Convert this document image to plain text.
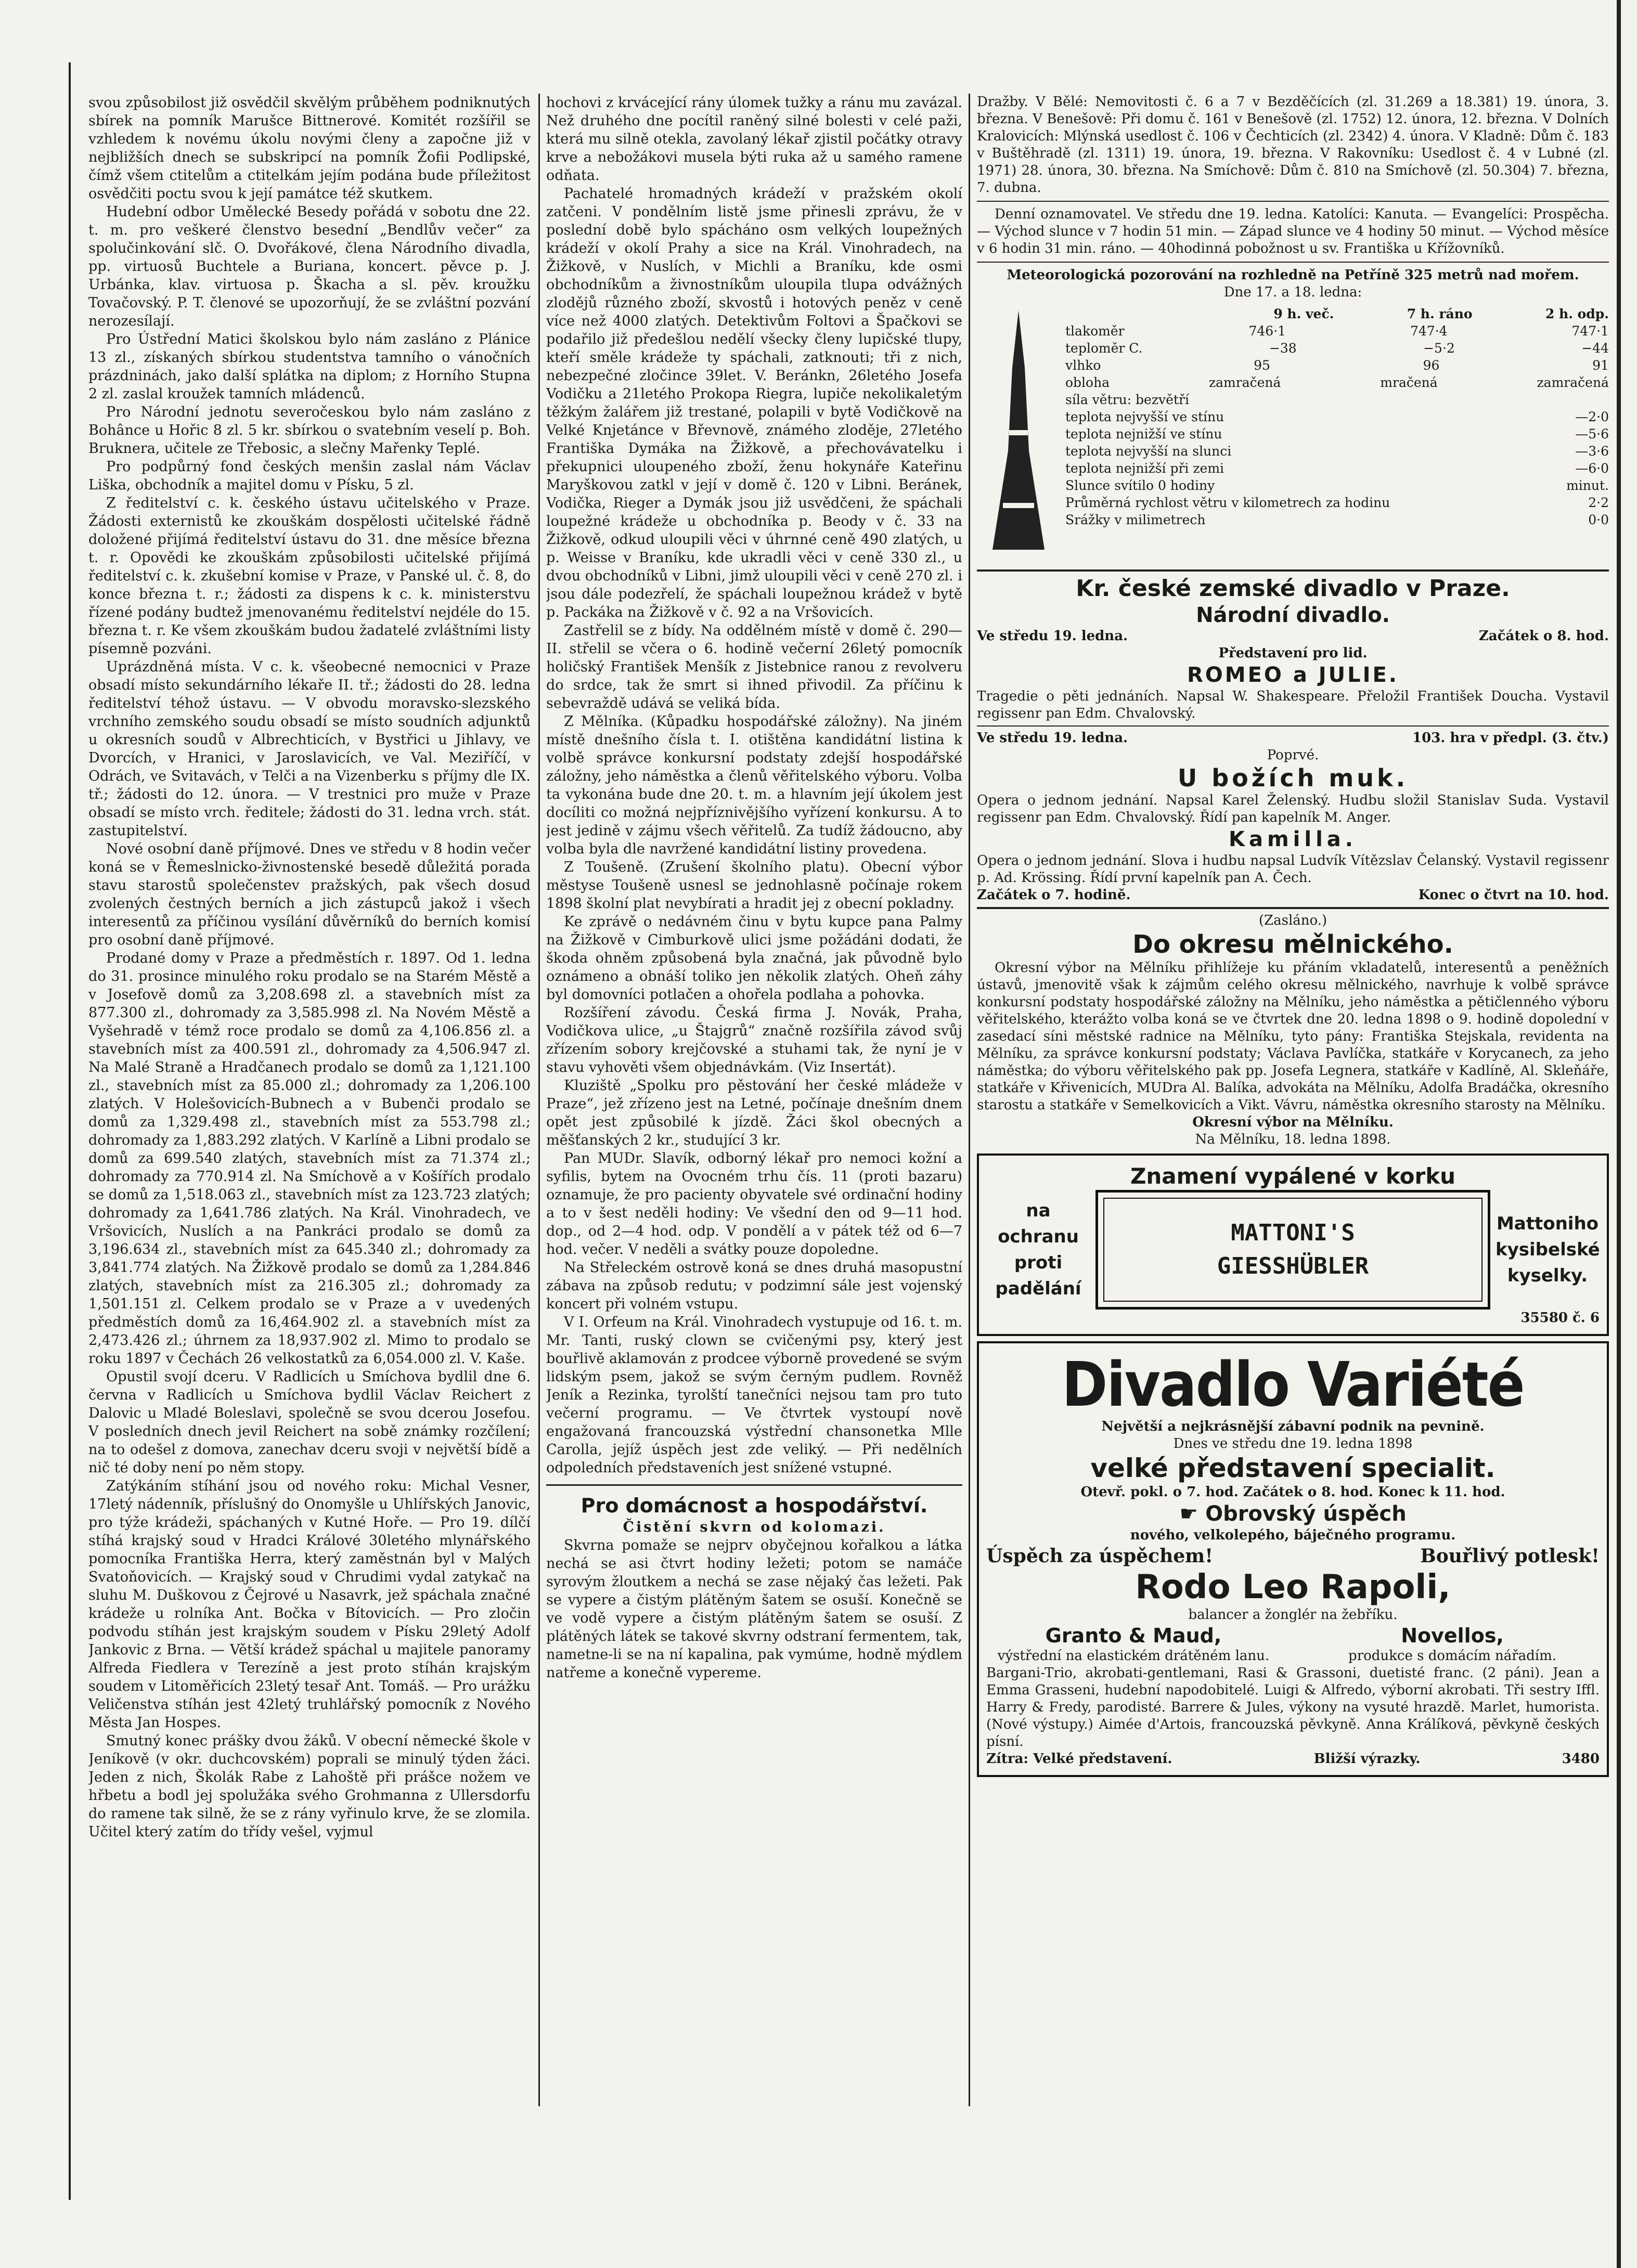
svou způsobilost již osvědčil skvělým průběhem podniknutých sbírek na pomník Marušce Bittnerové. Komitét rozšířil se vzhledem k novému úkolu novými členy a započne již v nejbližších dnech se subskripcí na pomník Žofii Podlipské, čímž všem ctitelům a ctitelkám jejím podána bude příležitost osvědčiti poctu svou k její památce též skutkem.

Hudební odbor Umělecké Besedy pořádá v sobotu dne 22. t. m. pro veškeré členstvo besední „Bendlův večer“ za spolučinkování slč. O. Dvořákové, člena Národního divadla, pp. virtuosů Buchtele a Buriana, koncert. pěvce p. J. Urbánka, klav. virtuosa p. Škacha a sl. pěv. kroužku Tovačovský. P. T. členové se upozorňují, že se zvláštní pozvání nerozesílají.

Pro Ústřední Matici školskou bylo nám zasláno z Plánice 13 zl., získaných sbírkou studentstva tamního o vánočních prázdninách, jako další splátka na diplom; z Horního Stupna 2 zl. zaslal kroužek tamních mládenců.

Pro Národní jednotu severočeskou bylo nám zasláno z Bohânce u Hořic 8 zl. 5 kr. sbírkou o svatebním veselí p. Boh. Bruknera, učitele ze Třebosic, a slečny Mařenky Teplé.

Pro podpůrný fond českých menšin zaslal nám Václav Liška, obchodník a majitel domu v Písku, 5 zl.

Z ředitelství c. k. českého ústavu učitelského v Praze. Žádosti externistů ke zkouškám dospělosti učitelské řádně doložené přijímá ředitelství ústavu do 31. dne měsíce března t. r. Opovědi ke zkouškám způsobilosti učitelské přijímá ředitelství c. k. zkušební komise v Praze, v Panské ul. č. 8, do konce března t. r.; žádosti za dispens k c. k. ministerstvu řízené podány budtež jmenovanému ředitelství nejdéle do 15. března t. r. Ke všem zkouškám budou žadatelé zvláštními listy písemně pozváni.

Uprázdněná místa. V c. k. všeobecné nemocnici v Praze obsadí místo sekundárního lékaře II. tř.; žádosti do 28. ledna ředitelství téhož ústavu. — V obvodu moravsko-slezského vrchního zemského soudu obsadí se místo soudních adjunktů u okresních soudů v Albrechticích, v Bystřici u Jihlavy, ve Dvorcích, v Hranici, v Jaroslavicích, ve Val. Meziříčí, v Odrách, ve Svitavách, v Telči a na Vizenberku s příjmy dle IX. tř.; žádosti do 12. února. — V trestnici pro muže v Praze obsadí se místo vrch. ředitele; žádosti do 31. ledna vrch. stát. zastupitelství.

Nové osobní daně příjmové. Dnes ve středu v 8 hodin večer koná se v Řemeslnicko-živnostenské besedě důležitá porada stavu starostů společenstev pražských, pak všech dosud zvolených čestných berních a jich zástupců jakož i všech interesentů za příčinou vysílání důvěrníků do berních komisí pro osobní daně příjmové.

Prodané domy v Praze a předměstích r. 1897. Od 1. ledna do 31. prosince minulého roku prodalo se na Starém Městě a v Josefově domů za 3,208.698 zl. a stavebních míst za 877.300 zl., dohromady za 3,585.998 zl. Na Novém Městě a Vyšehradě v témž roce prodalo se domů za 4,106.856 zl. a stavebních míst za 400.591 zl., dohromady za 4,506.947 zl. Na Malé Straně a Hradčanech prodalo se domů za 1,121.100 zl., stavebních míst za 85.000 zl.; dohromady za 1,206.100 zlatých. V Holešovicích-Bubnech a v Bubenči prodalo se domů za 1,329.498 zl., stavebních míst za 553.798 zl.; dohromady za 1,883.292 zlatých. V Karlíně a Libni prodalo se domů za 699.540 zlatých, stavebních míst za 71.374 zl.; dohromady za 770.914 zl. Na Smíchově a v Košířích prodalo se domů za 1,518.063 zl., stavebních míst za 123.723 zlatých; dohromady za 1,641.786 zlatých. Na Král. Vinohradech, ve Vršovicích, Nuslích a na Pankráci prodalo se domů za 3,196.634 zl., stavebních míst za 645.340 zl.; dohromady za 3,841.774 zlatých. Na Žižkově prodalo se domů za 1,284.846 zlatých, stavebních míst za 216.305 zl.; dohromady za 1,501.151 zl. Celkem prodalo se v Praze a v uvedených předměstích domů za 16,464.902 zl. a stavebních míst za 2,473.426 zl.; úhrnem za 18,937.902 zl. Mimo to prodalo se roku 1897 v Čechách 26 velkostatků za 6,054.000 zl. V. Kaše.

Opustil svojí dceru. V Radlicích u Smíchova bydlil dne 6. června v Radlicích u Smíchova bydlil Václav Reichert z Dalovic u Mladé Boleslavi, společně se svou dcerou Josefou. V posledních dnech jevil Reichert na sobě známky rozčílení; na to odešel z domova, zanechav dceru svoji v největší bídě a nič té doby není po něm stopy.

Zatýkáním stíhání jsou od nového roku: Michal Vesner, 17letý nádenník, příslušný do Onomyšle u Uhlířských Janovic, pro týže krádeži, spáchaných v Kutné Hoře. — Pro 19. dílčí stíhá krajský soud v Hradci Králové 30letého mlynářského pomocníka Františka Herra, který zaměstnán byl v Malých Svatoňovicích. — Krajský soud v Chrudimi vydal zatykač na sluhu M. Duškovou z Čejrové u Nasavrk, jež spáchala značné krádeže u rolníka Ant. Bočka v Bítovicích. — Pro zločin podvodu stíhán jest krajským soudem v Písku 29letý Adolf Jankovic z Brna. — Větší krádež spáchal u majitele panoramy Alfreda Fiedlera v Terezíně a jest proto stíhán krajským soudem v Litoměřicích 23letý tesař Ant. Tomáš. — Pro urážku Veličenstva stíhán jest 42letý truhlářský pomocník z Nového Města Jan Hospes.

Smutný konec prášky dvou žáků. V obecní německé škole v Jeníkově (v okr. duchcovském) poprali se minulý týden žáci. Jeden z nich, Školák Rabe z Lahoště při prášce nožem ve hřbetu a bodl jej spolužáka svého Grohmanna z Ullersdorfu do ramene tak silně, že se z rány vyřinulo krve, že se zlomila. Učitel který zatím do třídy vešel, vyjmul

hochovi z krvácející rány úlomek tužky a ránu mu zavázal. Než druhého dne pocítil raněný silné bolesti v celé paži, která mu silně otekla, zavolaný lékař zjistil počátky otravy krve a nebožákovi musela býti ruka až u samého ramene odňata.

Pachatelé hromadných krádeží v pražském okolí zatčeni. V pondělním listě jsme přinesli zprávu, že v poslední době bylo spácháno osm velkých loupežných krádeží v okolí Prahy a sice na Král. Vinohradech, na Žižkově, v Nuslích, v Michli a Braníku, kde osmi obchodníkům a živnostníkům uloupila tlupa odvážných zlodějů různého zboží, skvostů i hotových peněz v ceně více než 4000 zlatých. Detektivům Foltovi a Špačkovi se podařilo již předešlou nedělí všecky členy lupičské tlupy, kteří směle krádeže ty spáchali, zatknouti; tři z nich, nebezpečné zločince 39let. V. Beránkn, 26letého Josefa Vodičku a 21letého Prokopa Riegra, lupiče nekolikaletým těžkým žalářem již trestané, polapili v bytě Vodičkově na Velké Knjetánce v Břevnově, známého zloděje, 27letého Františka Dymáka na Žižkově, a přechovávatelku i překupnici uloupeného zboží, ženu hokynáře Kateřinu Maryškovou zatkl v její v domě č. 120 v Libni. Beránek, Vodička, Rieger a Dymák jsou již usvědčeni, že spáchali loupežné krádeže u obchodníka p. Beody v č. 33 na Žižkově, odkud uloupili věci v úhrnné ceně 490 zlatých, u p. Weisse v Braníku, kde ukradli věci v ceně 330 zl., u dvou obchodníků v Libni, jimž uloupili věci v ceně 270 zl. i jsou dále podezřelí, že spáchali loupežnou krádež v bytě p. Packáka na Žižkově v č. 92 a na Vršovicích.

Zastřelil se z bídy. Na oddělném místě v domě č. 290—II. střelil se včera o 6. hodině večerní 26letý pomocník holičský František Menšík z Jistebnice ranou z revolveru do srdce, tak že smrt si ihned přivodil. Za příčinu k sebevraždě udává se veliká bída.

Z Mělníka. (Kůpadku hospodářské záložny). Na jiném místě dnešního čísla t. I. otištěna kandidátní listina k volbě správce konkursní podstaty zdejší hospodářské záložny, jeho náměstka a členů věřitelského výboru. Volba ta vykonána bude dne 20. t. m. a hlavním její úkolem jest docíliti co možná nejpříznivějšího vyřízení konkursu. A to jest jedině v zájmu všech věřitelů. Za tudíž žádoucno, aby volba byla dle navržené kandidátní listiny provedena.

Z Toušeně. (Zrušení školního platu). Obecní výbor městyse Toušeně usnesl se jednohlasně počínaje rokem 1898 školní plat nevybírati a hradit jej z obecní pokladny.

Ke zprávě o nedávném činu v bytu kupce pana Palmy na Žižkově v Cimburkově ulici jsme požádáni dodati, že škoda ohněm způsobená byla značná, jak původně bylo oznámeno a obnáší toliko jen několik zlatých. Oheň záhy byl domovníci potlačen a ohořela podlaha a pohovka.

Rozšíření závodu. Česká firma J. Novák, Praha, Vodičkova ulice, „u Štajgrů“ značně rozšířila závod svůj zřízením sobory krejčovské a stuhami tak, že nyní je v stavu vyhověti všem objednávkám. (Viz Insertát).

Kluziště „Spolku pro pěstování her české mládeže v Praze“, jež zřízeno jest na Letné, počínaje dnešním dnem opět jest způsobilé k jízdě. Žáci škol obecných a měšťanských 2 kr., studující 3 kr.

Pan MUDr. Slavík, odborný lékař pro nemoci kožní a syfilis, bytem na Ovocném trhu čís. 11 (proti bazaru) oznamuje, že pro pacienty obyvatele své ordinační hodiny a to v šest neděli hodiny: Ve všední den od 9—11 hod. dop., od 2—4 hod. odp. V pondělí a v pátek též od 6—7 hod. večer. V neděli a svátky pouze dopoledne.

Na Střeleckém ostrově koná se dnes druhá masopustní zábava na způsob redutu; v podzimní sále jest vojenský koncert při volném vstupu.

V I. Orfeum na Král. Vinohradech vystupuje od 16. t. m. Mr. Tanti, ruský clown se cvičenými psy, který jest bouřlivě aklamován z prodcee výborně provedené se svým lidským psem, jakož se svým černým pudlem. Rovněž Jeník a Rezinka, tyrolští tanečníci nejsou tam pro tuto večerní programu. — Ve čtvrtek vystoupí nově engažovaná francouzská výstřední chansonetka Mlle Carolla, jejíž úspěch jest zde veliký. — Při nedělních odpoledních představeních jest snížené vstupné.

Pro domácnost a hospodářství.
Čistění skvrn od kolomazi.

Skvrna pomaže se nejprv obyčejnou kořalkou a látka nechá se asi čtvrt hodiny ležeti; potom se namáče syrovým žloutkem a nechá se zase nějaký čas ležeti. Pak se vypere a čistým plátěným šatem se osuší. Konečně se ve vodě vypere a čistým plátěným šatem se osuší. Z plátěných látek se takové skvrny odstraní fermentem, tak, nametne-li se na ní kapalina, pak vymúme, hodně mýdlem natřeme a konečně vypereme.

Dražby. V Bělé: Nemovitosti č. 6 a 7 v Bezděčících (zl. 31.269 a 18.381) 19. února, 3. března. V Benešově: Při domu č. 161 v Benešově (zl. 1752) 12. února, 12. března. V Dolních Kralovicích: Mlýnská usedlost č. 106 v Čechticích (zl. 2342) 4. února. V Kladně: Dům č. 183 v Buštěhradě (zl. 1311) 19. února, 19. března. V Rakovníku: Usedlost č. 4 v Lubné (zl. 1971) 28. února, 30. března. Na Smíchově: Dům č. 810 na Smíchově (zl. 50.304) 7. března, 7. dubna.

Denní oznamovatel. Ve středu dne 19. ledna. Katolíci: Kanuta. — Evangelíci: Prospěcha. — Východ slunce v 7 hodin 51 min. — Západ slunce ve 4 hodiny 50 minut. — Východ měsíce v 6 hodin 31 min. ráno. — 40hodinná pobožnost u sv. Františka u Křížovníků.

Meteorologická pozorování na rozhledně na Petříně 325 metrů nad mořem.
Dne 17. a 18. ledna:
9 h. več.	7 h. ráno	2 h. odp.
tlakoměr	746·1	747·4	747·1
teploměr C.	−38	−5·2	−44
vlhko	95	96	91
obloha	zamračená	mračená	zamračená
síla větru: bezvětří
teplota nejvyšší ve stínu	—2·0
teplota nejnižší ve stínu	—5·6
teplota nejvyšší na slunci	—3·6
teplota nejnižší při zemi	—6·0
Slunce svítilo 0 hodiny	minut.
Průměrná rychlost větru v kilometrech za hodinu	2·2
Srážky v milimetrech	0·0
Kr. české zemské divadlo v Praze.
Národní divadlo.
Ve středu 19. ledna.	Začátek o 8. hod.
Představení pro lid.
ROMEO a JULIE.

Tragedie o pěti jednáních. Napsal W. Shakespeare. Přeložil František Doucha. Vystavil regissenr pan Edm. Chvalovský.

Ve středu 19. ledna.	103. hra v předpl. (3. čtv.)
Poprvé.
U božích muk.

Opera o jednom jednání. Napsal Karel Želenský. Hudbu složil Stanislav Suda. Vystavil regissenr pan Edm. Chvalovský. Řídí pan kapelník M. Anger.

Kamilla.

Opera o jednom jednání. Slova i hudbu napsal Ludvík Vítězslav Čelanský. Vystavil regissenr p. Ad. Krössing. Řídí první kapelník pan A. Čech.

Začátek o 7. hodině.	Konec o čtvrt na 10. hod.
(Zasláno.)
Do okresu mělnického.

Okresní výbor na Mělníku přihlížeje ku přáním vkladatelů, interesentů a peněžních ústavů, jmenovitě však k zájmům celého okresu mělnického, navrhuje k volbě správce konkursní podstaty hospodářské záložny na Mělníku, jeho náměstka a pětičlenného výboru věřitelského, kterážto volba koná se ve čtvrtek dne 20. ledna 1898 o 9. hodině dopolední v zasedací síni městské radnice na Mělníku, tyto pány: Františka Stejskala, revidenta na Mělníku, za správce konkursní podstaty; Václava Pavlíčka, statkáře v Korycanech, za jeho náměstka; do výboru věřitelského pak pp. Josefa Legnera, statkáře v Kadlíně, Al. Skleňáře, statkáře v Křivenicích, MUDra Al. Balíka, advokáta na Mělníku, Adolfa Bradáčka, okresního starostu a statkáře v Semelkovicích a Vikt. Vávru, náměstka okresního starosty na Mělníku.

Okresní výbor na Mělníku.
Na Mělníku, 18. ledna 1898.
Znamení vypálené v korku
na ochranu
proti
padělání
MATTONI'S
GIESSHÜBLER
Mattoniho
kysibelské
kyselky.
35580 č. 6
Divadlo Variété
Největší a nejkrásnější zábavní podnik na pevnině.
Dnes ve středu dne 19. ledna 1898
velké představení specialit.
Otevř. pokl. o 7. hod. Začátek o 8. hod. Konec k 11. hod.
☛ Obrovský úspěch
nového, velkolepého, báječného programu.
Úspěch za úspěchem!	Bouřlivý potlesk!
Rodo Leo Rapoli,
balancer a žonglér na žebříku.
Granto & Maud,
výstřední na elastickém drátěném lanu.
Novellos,
produkce s domácím nářadím.

Bargani-Trio, akrobati-gentlemani, Rasi & Grassoni, duetisté franc. (2 páni). Jean a Emma Grasseni, hudební napodobitelé. Luigi & Alfredo, výborní akrobati. Tři sestry Iffl. Harry & Fredy, parodisté. Barrere & Jules, výkony na vysuté hrazdě. Marlet, humorista. (Nové výstupy.) Aimée d'Artois, francouzská pěvkyně. Anna Králíková, pěvkyně českých písní.

Zítra: Velké představení.	Bližší výrazky.	3480
